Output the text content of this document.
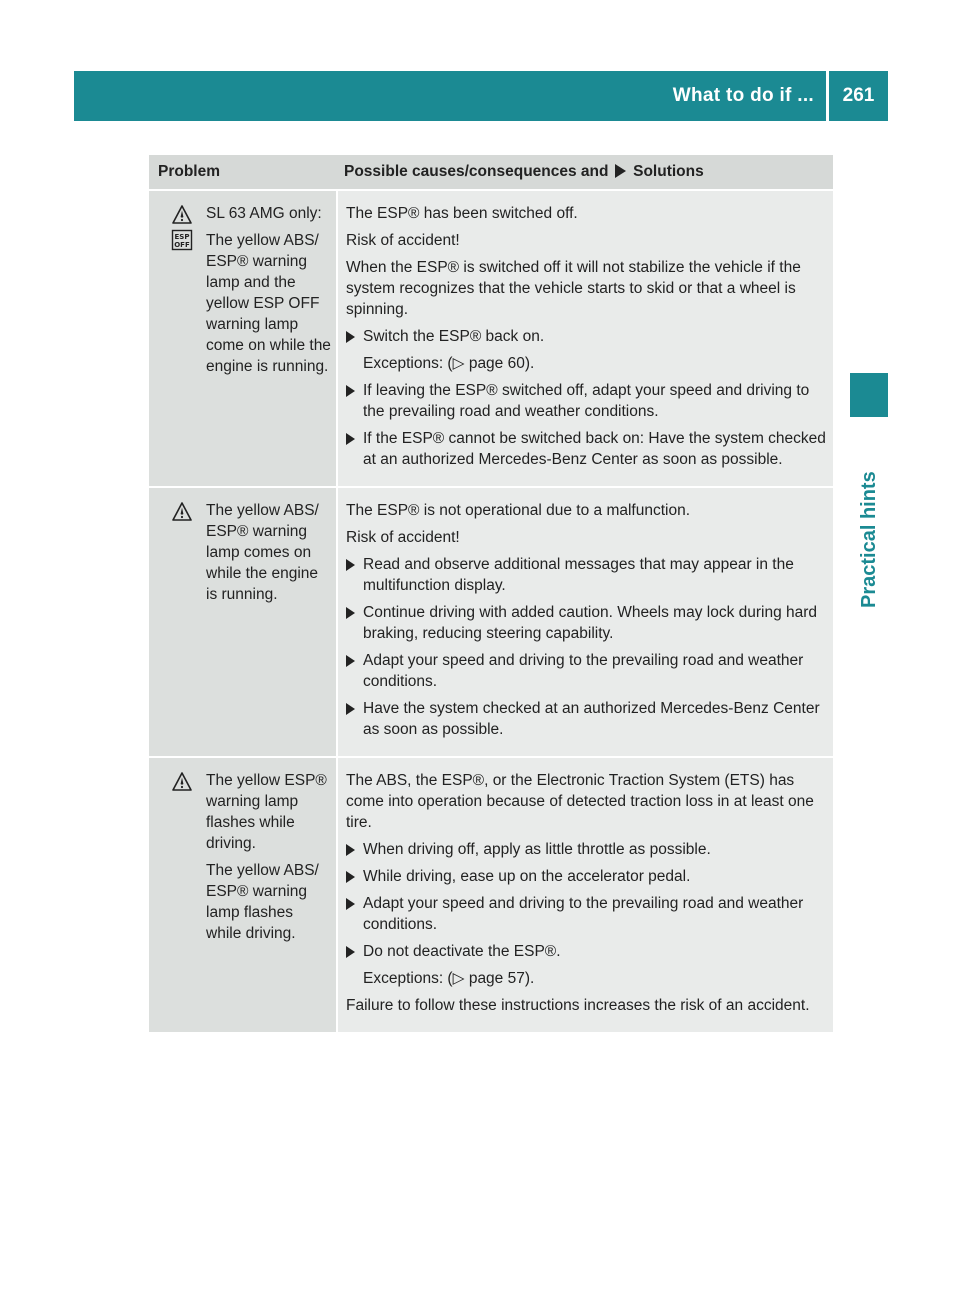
What to do if ...	261
Practical hints
Problem	Possible causes/consequences and Solutions
ESP
OFF

SL 63 AMG only:

The yellow ABS/ ESP® warning lamp and the yellow ESP OFF warning lamp come on while the engine is running.

The ESP® has been switched off.

Risk of accident!

When the ESP® is switched off it will not stabilize the vehicle if the system recognizes that the vehicle starts to skid or that a wheel is spinning.

Switch the ESP® back on.

Exceptions: (▷ page 60).

If leaving the ESP® switched off, adapt your speed and driving to the prevailing road and weather conditions.
If the ESP® cannot be switched back on: Have the system checked at an authorized Mercedes-Benz Center as soon as possible.

The yellow ABS/ ESP® warning lamp comes on while the engine is running.

The ESP® is not operational due to a malfunction.

Risk of accident!

Read and observe additional messages that may appear in the multifunction display.
Continue driving with added caution. Wheels may lock during hard braking, reducing steering capability.
Adapt your speed and driving to the prevailing road and weather conditions.
Have the system checked at an authorized Mercedes-Benz Center as soon as possible.

The yellow ESP® warning lamp flashes while driving.

The yellow ABS/ ESP® warning lamp flashes while driving.

The ABS, the ESP®, or the Electronic Traction System (ETS) has come into operation because of detected traction loss in at least one tire.

When driving off, apply as little throttle as possible.
While driving, ease up on the accelerator pedal.
Adapt your speed and driving to the prevailing road and weather conditions.
Do not deactivate the ESP®.

Exceptions: (▷ page 57).

Failure to follow these instructions increases the risk of an accident.
